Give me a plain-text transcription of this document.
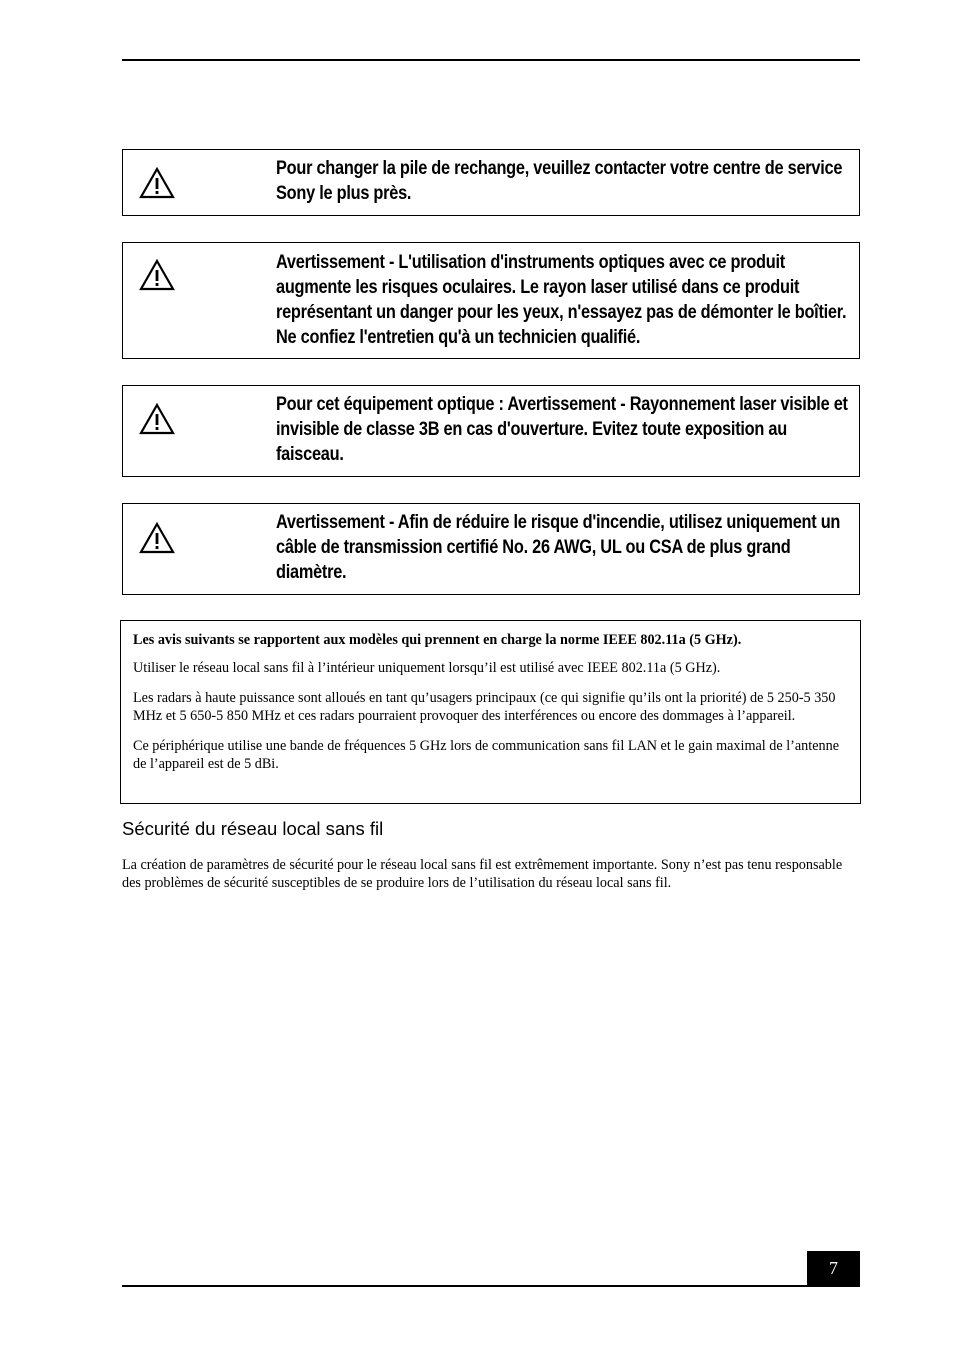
Pour changer la pile de rechange, veuillez contacter votre centre de service Sony le plus près.
Avertissement - L'utilisation d'instruments optiques avec ce produit augmente les risques oculaires. Le rayon laser utilisé dans ce produit représentant un danger pour les yeux, n'essayez pas de démonter le boîtier. Ne confiez l'entretien qu'à un technicien qualifié.
Pour cet équipement optique : Avertissement - Rayonnement laser visible et invisible de classe 3B en cas d'ouverture. Evitez toute exposition au faisceau.
Avertissement - Afin de réduire le risque d'incendie, utilisez uniquement un câble de transmission certifié No. 26 AWG, UL ou CSA de plus grand diamètre.

Les avis suivants se rapportent aux modèles qui prennent en charge la norme IEEE 802.11a (5 GHz).

Utiliser le réseau local sans fil à l’intérieur uniquement lorsqu’il est utilisé avec IEEE 802.11a (5 GHz).

Les radars à haute puissance sont alloués en tant qu’usagers principaux (ce qui signifie qu’ils ont la priorité) de 5 250-5 350 MHz et 5 650-5 850 MHz et ces radars pourraient provoquer des interférences ou encore des dommages à l’appareil.

Ce périphérique utilise une bande de fréquences 5 GHz lors de communication sans fil LAN et le gain maximal de l’antenne de l’appareil est de 5 dBi.

Sécurité du réseau local sans fil

La création de paramètres de sécurité pour le réseau local sans fil est extrêmement importante. Sony n’est pas tenu responsable des problèmes de sécurité susceptibles de se produire lors de l’utilisation du réseau local sans fil.

7
